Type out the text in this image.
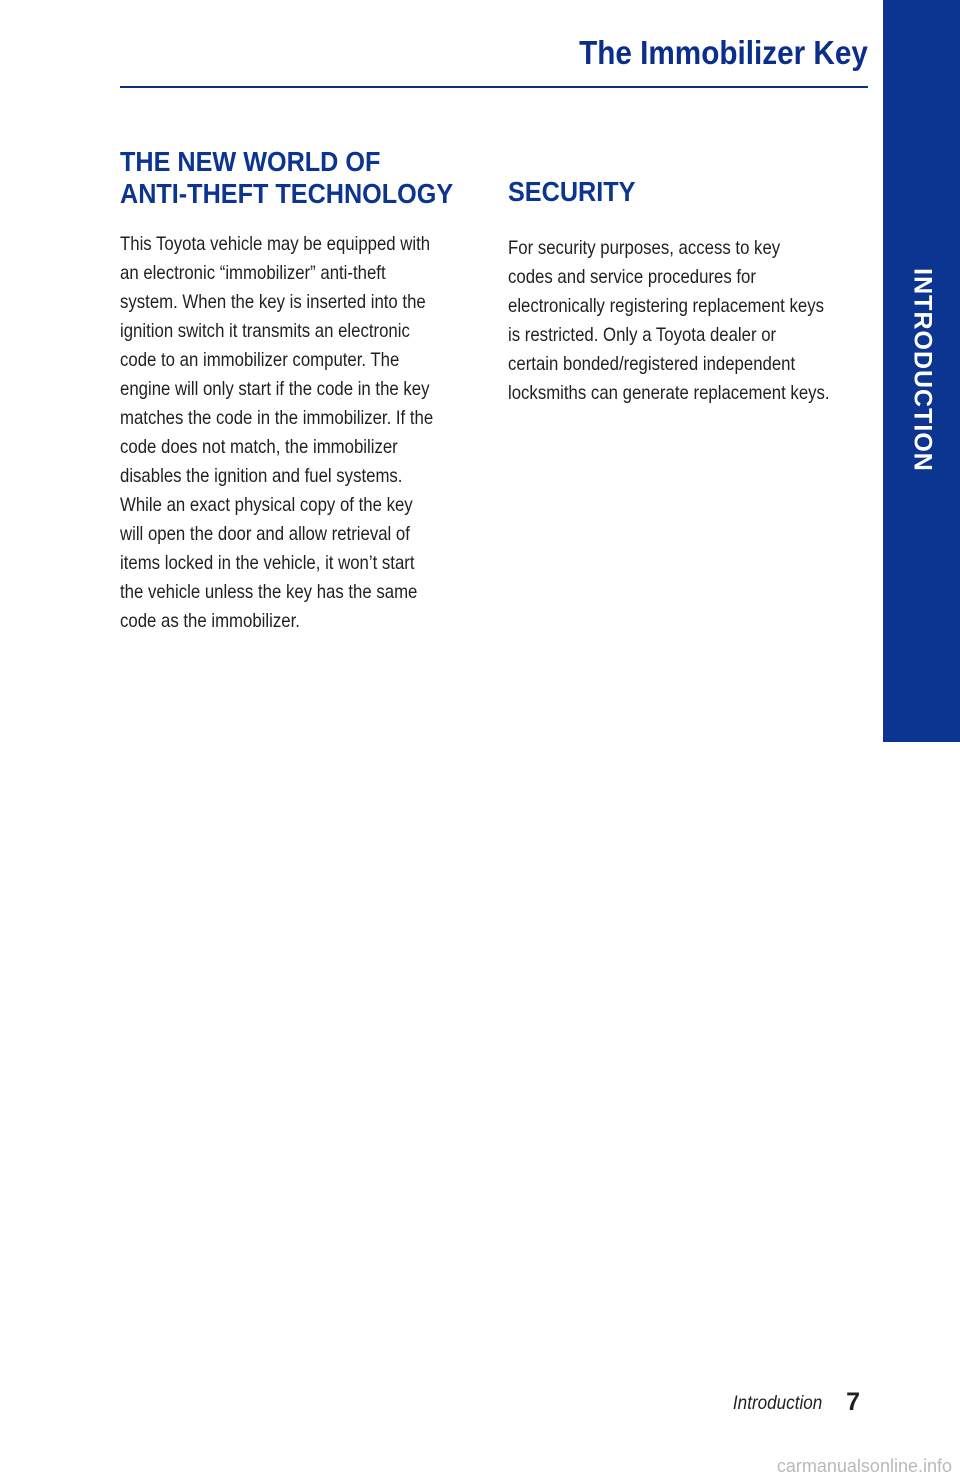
The Immobilizer Key
INTRODUCTION
THE NEW WORLD OF
ANTI-THEFT TECHNOLOGY
This Toyota vehicle may be equipped with
an electronic “immobilizer” anti-theft
system. When the key is inserted into the
ignition switch it transmits an electronic
code to an immobilizer computer. The
engine will only start if the code in the key
matches the code in the immobilizer. If the
code does not match, the immobilizer
disables the ignition and fuel systems.
While an exact physical copy of the key
will open the door and allow retrieval of
items locked in the vehicle, it won’t start
the vehicle unless the key has the same
code as the immobilizer.
SECURITY
For security purposes, access to key
codes and service procedures for
electronically registering replacement keys
is restricted. Only a Toyota dealer or
certain bonded/registered independent
locksmiths can generate replacement keys.
Introduction 7
carmanualsonline.info
